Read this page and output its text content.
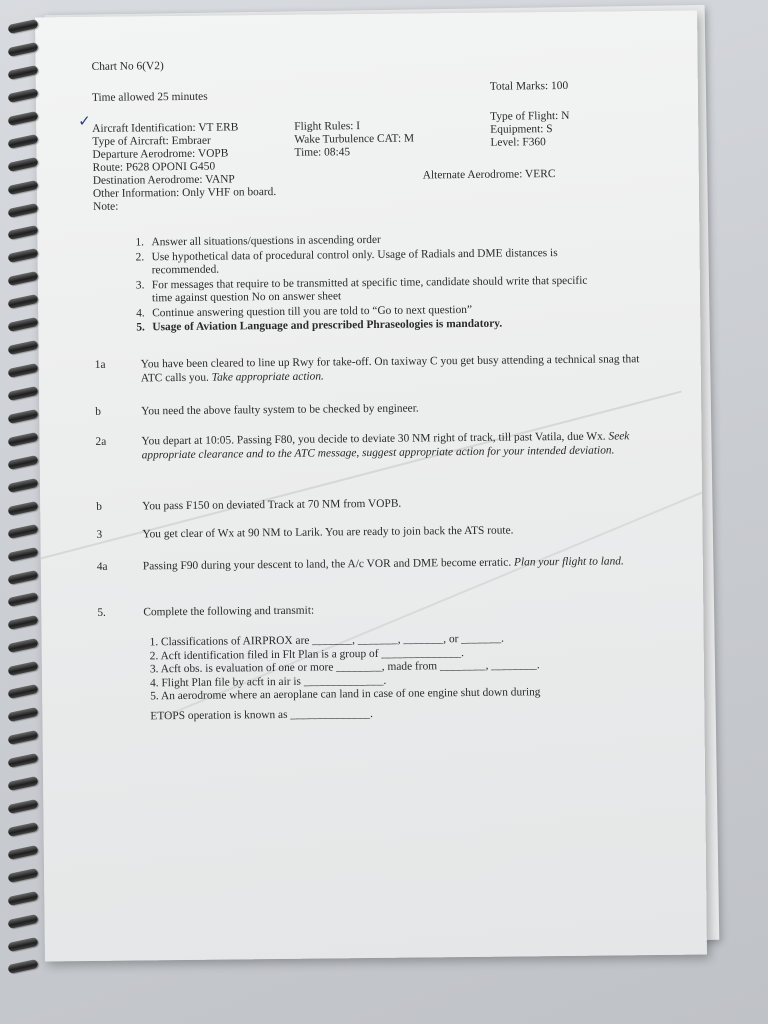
Chart No 6(V2)
Time allowed 25 minutes
Total Marks: 100
✓ Aircraft Identification: VT ERB
Type of Aircraft: Embraer
Departure Aerodrome: VOPB
Route: P628 OPONI G450
Destination Aerodrome: VANP
Other Information: Only VHF on board.
Note:
Flight Rules: I
Wake Turbulence CAT: M
Time: 08:45
Type of Flight: N
Equipment: S
Level: F360
Alternate Aerodrome: VERC
1. Answer all situations/questions in ascending order
2. Use hypothetical data of procedural control only. Usage of Radials and DME distances is recommended.
3. For messages that require to be transmitted at specific time, candidate should write that specific time against question No on answer sheet
4. Continue answering question till you are told to “Go to next question”
5. Usage of Aviation Language and prescribed Phraseologies is mandatory.
1a	You have been cleared to line up Rwy for take-off. On taxiway C you get busy attending a technical snag that ATC calls you. Take appropriate action.
b	You need the above faulty system to be checked by engineer.
2a	You depart at 10:05. Passing F80, you decide to deviate 30 NM right of track, till past Vatila, due Wx. Seek appropriate clearance and to the ATC message, suggest appropriate action for your intended deviation.
b	You pass F150 on deviated Track at 70 NM from VOPB.
3	You get clear of Wx at 90 NM to Larik. You are ready to join back the ATS route.
4a	Passing F90 during your descent to land, the A/c VOR and DME become erratic. Plan your flight to land.
5.	Complete the following and transmit:
1. Classifications of AIRPROX are _______, _______, _______, or _______.
2. Acft identification filed in Flt Plan is a group of ______________.
3. Acft obs. is evaluation of one or more ________, made from ________, ________.
4. Flight Plan file by acft in air is ______________.
5. An aerodrome where an aeroplane can land in case of one engine shut down during
ETOPS operation is known as ______________.
